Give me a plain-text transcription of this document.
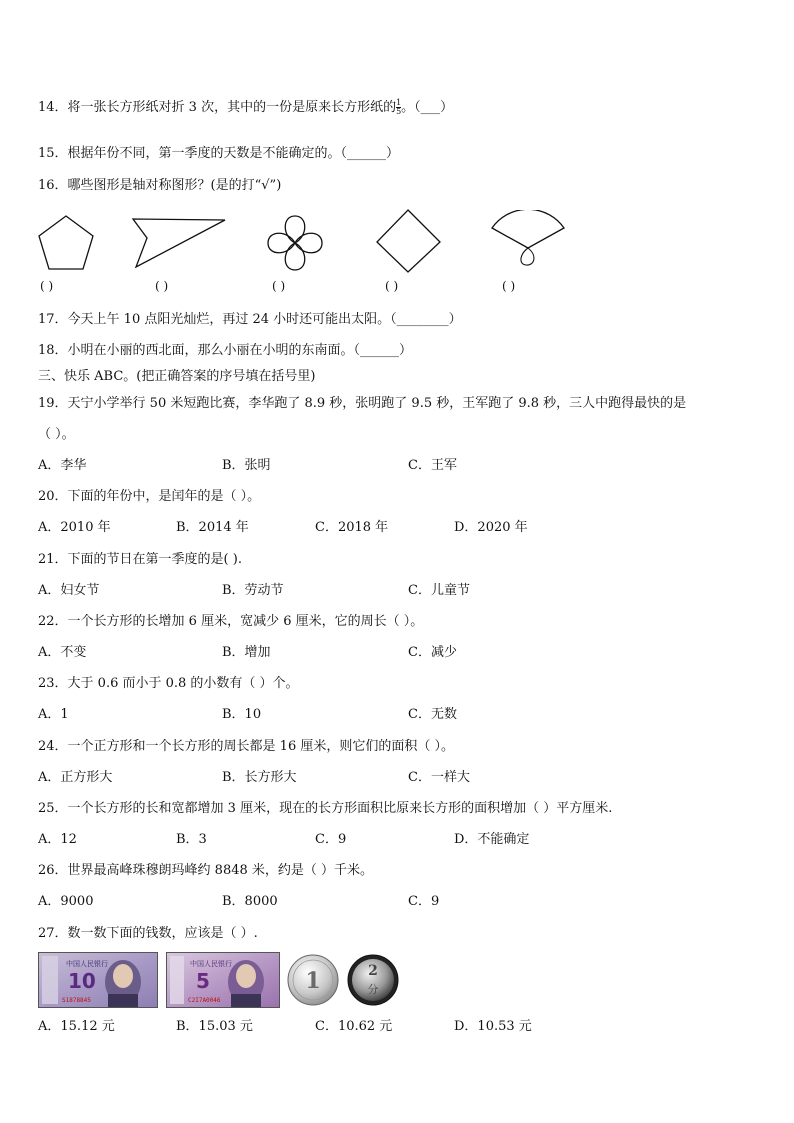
14．将一张长方形纸对折 3 次，其中的一份是原来长方形纸的 $\frac{1}{5}$ 。（___）
15．根据年份不同，第一季度的天数是不能确定的。（______）
16．哪些图形是轴对称图形？(是的打“√”)
( )	( )	( )	( )	( )
17．今天上午 10 点阳光灿烂，再过 24 小时还可能出太阳。（________）
18．小明在小丽的西北面，那么小丽在小明的东南面。（______）
三、快乐 ABC。(把正确答案的序号填在括号里)
19．天宁小学举行 50 米短跑比赛，李华跑了 8.9 秒，张明跑了 9.5 秒，王军跑了 9.8 秒，三人中跑得最快的是
（ ）。
A．李华	B．张明	C．王军
20．下面的年份中，是闰年的是（ ）。
A．2010 年	B．2014 年	C．2018 年	D．2020 年
21．下面的节日在第一季度的是( ).
A．妇女节	B．劳动节	C．儿童节
22．一个长方形的长增加 6 厘米，宽减少 6 厘米，它的周长（ ）。
A．不变	B．增加	C．减少
23．大于 0.6 而小于 0.8 的小数有（ ）个。
A．1	B．10	C．无数
24．一个正方形和一个长方形的周长都是 16 厘米，则它们的面积（ ）。
A．正方形大	B．长方形大	C．一样大
25．一个长方形的长和宽都增加 3 厘米，现在的长方形面积比原来长方形的面积增加（ ）平方厘米.
A．12	B．3	C．9	D．不能确定
26．世界最高峰珠穆朗玛峰约 8848 米，约是（ ）千米。
A．9000	B．8000	C．9
27．数一数下面的钱数，应该是（ ）.
中国人民银行
10
S1878845
中国人民银行
5
C2I7A0046
1	2
分
A．15.12 元	B．15.03 元	C．10.62 元	D．10.53 元
